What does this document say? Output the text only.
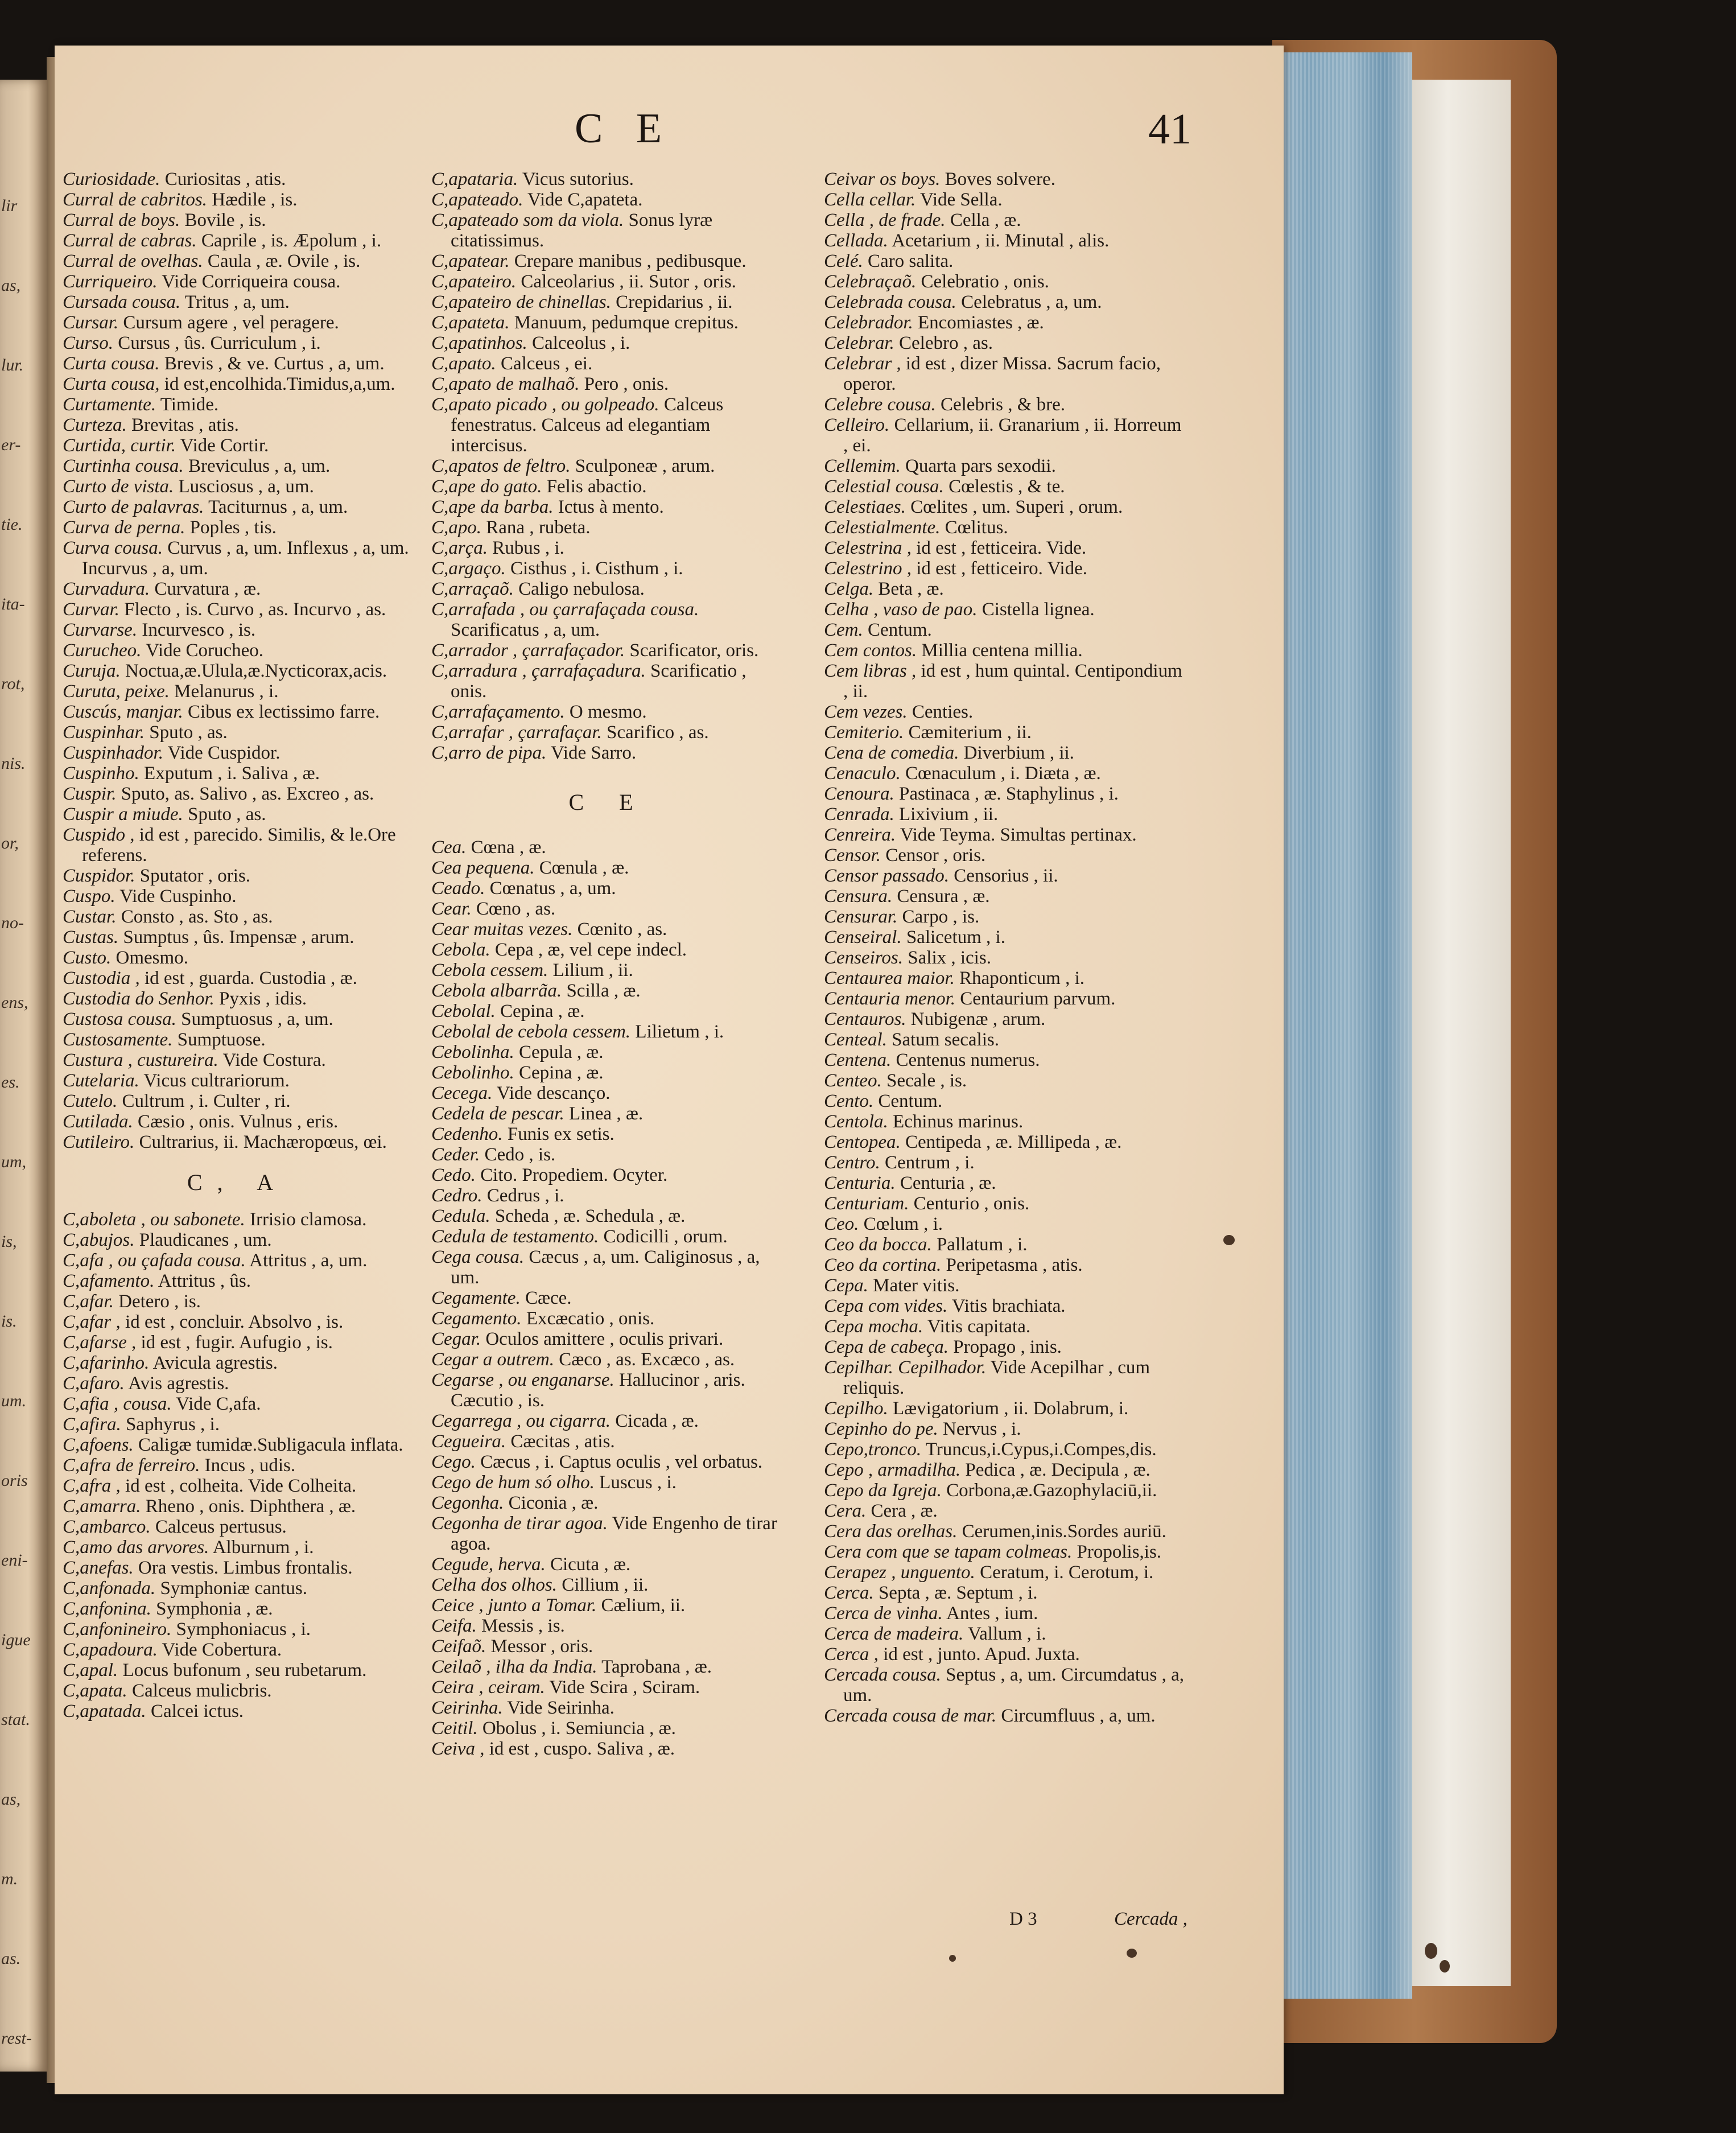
lir
as,
lur.
er-
tie.
ita-
rot,
nis.
or,
no-
ens,
es.
um,
is,
is.
um.
oris
eni-
igue
stat.
as,
m.
as.
rest-
C E	41
Curiosidade. Curiositas , atis.
Curral de cabritos. Hædile , is.
Curral de boys. Bovile , is.
Curral de cabras. Caprile , is. Æpolum , i.
Curral de ovelhas. Caula , æ. Ovile , is.
Curriqueiro. Vide Corriqueira cousa.
Cursada cousa. Tritus , a, um.
Cursar. Cursum agere , vel peragere.
Curso. Cursus , ûs. Curriculum , i.
Curta cousa. Brevis , & ve. Curtus , a, um.
Curta cousa, id est,encolhida.Timidus,a,um.
Curtamente. Timide.
Curteza. Brevitas , atis.
Curtida, curtir. Vide Cortir.
Curtinha cousa. Breviculus , a, um.
Curto de vista. Lusciosus , a, um.
Curto de palavras. Taciturnus , a, um.
Curva de perna. Poples , tis.
Curva cousa. Curvus , a, um. Inflexus , a, um. Incurvus , a, um.
Curvadura. Curvatura , æ.
Curvar. Flecto , is. Curvo , as. Incurvo , as.
Curvarse. Incurvesco , is.
Curucheo. Vide Corucheo.
Curuja. Noctua,æ.Ulula,æ.Nycticorax,acis.
Curuta, peixe. Melanurus , i.
Cuscús, manjar. Cibus ex lectissimo farre.
Cuspinhar. Sputo , as.
Cuspinhador. Vide Cuspidor.
Cuspinho. Exputum , i. Saliva , æ.
Cuspir. Sputo, as. Salivo , as. Excreo , as.
Cuspir a miude. Sputo , as.
Cuspido , id est , parecido. Similis, & le.Ore referens.
Cuspidor. Sputator , oris.
Cuspo. Vide Cuspinho.
Custar. Consto , as. Sto , as.
Custas. Sumptus , ûs. Impensæ , arum.
Custo. Omesmo.
Custodia , id est , guarda. Custodia , æ.
Custodia do Senhor. Pyxis , idis.
Custosa cousa. Sumptuosus , a, um.
Custosamente. Sumptuose.
Custura , custureira. Vide Costura.
Cutelaria. Vicus cultrariorum.
Cutelo. Cultrum , i. Culter , ri.
Cutilada. Cæsio , onis. Vulnus , eris.
Cutileiro. Cultrarius, ii. Machæropœus, œi.
C, A
C,aboleta , ou sabonete. Irrisio clamosa.
C,abujos. Plaudicanes , um.
C,afa , ou çafada cousa. Attritus , a, um.
C,afamento. Attritus , ûs.
C,afar. Detero , is.
C,afar , id est , concluir. Absolvo , is.
C,afarse , id est , fugir. Aufugio , is.
C,afarinho. Avicula agrestis.
C,afaro. Avis agrestis.
C,afia , cousa. Vide C,afa.
C,afira. Saphyrus , i.
C,afoens. Caligæ tumidæ.Subligacula inflata.
C,afra de ferreiro. Incus , udis.
C,afra , id est , colheita. Vide Colheita.
C,amarra. Rheno , onis. Diphthera , æ.
C,ambarco. Calceus pertusus.
C,amo das arvores. Alburnum , i.
C,anefas. Ora vestis. Limbus frontalis.
C,anfonada. Symphoniæ cantus.
C,anfonina. Symphonia , æ.
C,anfonineiro. Symphoniacus , i.
C,apadoura. Vide Cobertura.
C,apal. Locus bufonum , seu rubetarum.
C,apata. Calceus mulicbris.
C,apatada. Calcei ictus.
C,apataria. Vicus sutorius.
C,apateado. Vide C,apateta.
C,apateado som da viola. Sonus lyræ citatissimus.
C,apatear. Crepare manibus , pedibusque.
C,apateiro. Calceolarius , ii. Sutor , oris.
C,apateiro de chinellas. Crepidarius , ii.
C,apateta. Manuum, pedumque crepitus.
C,apatinhos. Calceolus , i.
C,apato. Calceus , ei.
C,apato de malhaõ. Pero , onis.
C,apato picado , ou golpeado. Calceus fenestratus. Calceus ad elegantiam intercisus.
C,apatos de feltro. Sculponeæ , arum.
C,ape do gato. Felis abactio.
C,ape da barba. Ictus à mento.
C,apo. Rana , rubeta.
C,arça. Rubus , i.
C,argaço. Cisthus , i. Cisthum , i.
C,arraçaõ. Caligo nebulosa.
C,arrafada , ou çarrafaçada cousa. Scarificatus , a, um.
C,arrador , çarrafaçador. Scarificator, oris.
C,arradura , çarrafaçadura. Scarificatio , onis.
C,arrafaçamento. O mesmo.
C,arrafar , çarrafaçar. Scarifico , as.
C,arro de pipa. Vide Sarro.
C E
Cea. Cœna , æ.
Cea pequena. Cœnula , æ.
Ceado. Cœnatus , a, um.
Cear. Cœno , as.
Cear muitas vezes. Cœnito , as.
Cebola. Cepa , æ, vel cepe indecl.
Cebola cessem. Lilium , ii.
Cebola albarrãa. Scilla , æ.
Cebolal. Cepina , æ.
Cebolal de cebola cessem. Lilietum , i.
Cebolinha. Cepula , æ.
Cebolinho. Cepina , æ.
Cecega. Vide descanço.
Cedela de pescar. Linea , æ.
Cedenho. Funis ex setis.
Ceder. Cedo , is.
Cedo. Cito. Propediem. Ocyter.
Cedro. Cedrus , i.
Cedula. Scheda , æ. Schedula , æ.
Cedula de testamento. Codicilli , orum.
Cega cousa. Cæcus , a, um. Caliginosus , a, um.
Cegamente. Cæce.
Cegamento. Excæcatio , onis.
Cegar. Oculos amittere , oculis privari.
Cegar a outrem. Cæco , as. Excæco , as.
Cegarse , ou enganarse. Hallucinor , aris. Cæcutio , is.
Cegarrega , ou cigarra. Cicada , æ.
Cegueira. Cæcitas , atis.
Cego. Cæcus , i. Captus oculis , vel orbatus.
Cego de hum só olho. Luscus , i.
Cegonha. Ciconia , æ.
Cegonha de tirar agoa. Vide Engenho de tirar agoa.
Cegude, herva. Cicuta , æ.
Celha dos olhos. Cillium , ii.
Ceice , junto a Tomar. Cælium, ii.
Ceifa. Messis , is.
Ceifaõ. Messor , oris.
Ceilaõ , ilha da India. Taprobana , æ.
Ceira , ceiram. Vide Scira , Sciram.
Ceirinha. Vide Seirinha.
Ceitil. Obolus , i. Semiuncia , æ.
Ceiva , id est , cuspo. Saliva , æ.
Ceivar os boys. Boves solvere.
Cella cellar. Vide Sella.
Cella , de frade. Cella , æ.
Cellada. Acetarium , ii. Minutal , alis.
Celé. Caro salita.
Celebraçaõ. Celebratio , onis.
Celebrada cousa. Celebratus , a, um.
Celebrador. Encomiastes , æ.
Celebrar. Celebro , as.
Celebrar , id est , dizer Missa. Sacrum facio, operor.
Celebre cousa. Celebris , & bre.
Celleiro. Cellarium, ii. Granarium , ii. Horreum , ei.
Cellemim. Quarta pars sexodii.
Celestial cousa. Cœlestis , & te.
Celestiaes. Cœlites , um. Superi , orum.
Celestialmente. Cœlitus.
Celestrina , id est , fetticeira. Vide.
Celestrino , id est , fetticeiro. Vide.
Celga. Beta , æ.
Celha , vaso de pao. Cistella lignea.
Cem. Centum.
Cem contos. Millia centena millia.
Cem libras , id est , hum quintal. Centipondium , ii.
Cem vezes. Centies.
Cemiterio. Cæmiterium , ii.
Cena de comedia. Diverbium , ii.
Cenaculo. Cœnaculum , i. Diæta , æ.
Cenoura. Pastinaca , æ. Staphylinus , i.
Cenrada. Lixivium , ii.
Cenreira. Vide Teyma. Simultas pertinax.
Censor. Censor , oris.
Censor passado. Censorius , ii.
Censura. Censura , æ.
Censurar. Carpo , is.
Censeiral. Salicetum , i.
Censeiros. Salix , icis.
Centaurea maior. Rhaponticum , i.
Centauria menor. Centaurium parvum.
Centauros. Nubigenæ , arum.
Centeal. Satum secalis.
Centena. Centenus numerus.
Centeo. Secale , is.
Cento. Centum.
Centola. Echinus marinus.
Centopea. Centipeda , æ. Millipeda , æ.
Centro. Centrum , i.
Centuria. Centuria , æ.
Centuriam. Centurio , onis.
Ceo. Cœlum , i.
Ceo da bocca. Pallatum , i.
Ceo da cortina. Peripetasma , atis.
Cepa. Mater vitis.
Cepa com vides. Vitis brachiata.
Cepa mocha. Vitis capitata.
Cepa de cabeça. Propago , inis.
Cepilhar. Cepilhador. Vide Acepilhar , cum reliquis.
Cepilho. Lævigatorium , ii. Dolabrum, i.
Cepinho do pe. Nervus , i.
Cepo,tronco. Truncus,i.Cypus,i.Compes,dis.
Cepo , armadilha. Pedica , æ. Decipula , æ.
Cepo da Igreja. Corbona,æ.Gazophylaciū,ii.
Cera. Cera , æ.
Cera das orelhas. Cerumen,inis.Sordes auriū.
Cera com que se tapam colmeas. Propolis,is.
Cerapez , unguento. Ceratum, i. Cerotum, i.
Cerca. Septa , æ. Septum , i.
Cerca de vinha. Antes , ium.
Cerca de madeira. Vallum , i.
Cerca , id est , junto. Apud. Juxta.
Cercada cousa. Septus , a, um. Circumdatus , a, um.
Cercada cousa de mar. Circumfluus , a, um.
D 3	Cercada ,
